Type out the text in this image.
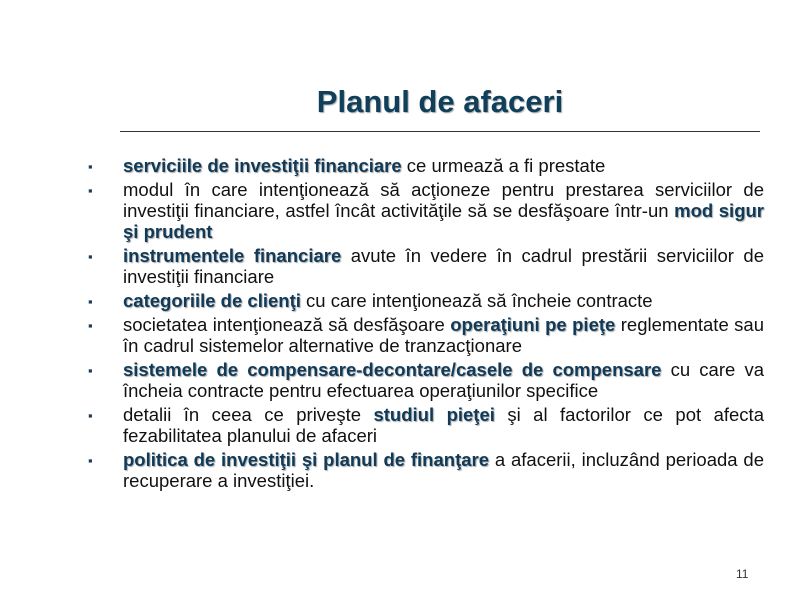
Planul de afaceri
▪ serviciile de investiţii financiare ce urmează a fi prestate
▪ modul în care intenţionează să acţioneze pentru prestarea serviciilor de investiţii financiare, astfel încât activităţile să se desfăşoare într-un mod sigur şi prudent
▪ instrumentele financiare avute în vedere în cadrul prestării serviciilor de investiţii financiare
▪ categoriile de clienţi cu care intenţionează să încheie contracte
▪ societatea intenţionează să desfăşoare operaţiuni pe pieţe reglementate sau în cadrul sistemelor alternative de tranzacţionare
▪ sistemele de compensare-decontare/casele de compensare cu care va încheia contracte pentru efectuarea operaţiunilor specifice
▪ detalii în ceea ce priveşte studiul pieţei şi al factorilor ce pot afecta fezabilitatea planului de afaceri
▪ politica de investiţii şi planul de finanţare a afacerii, incluzând perioada de recuperare a investiţiei.
11
